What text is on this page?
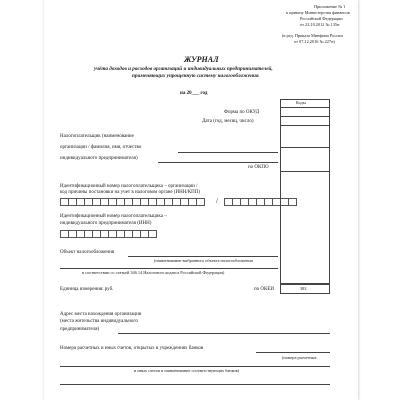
Приложение № 1
к приказу Министерства финансов
Российской Федерации
от 22.10.2012 № 135н
(в ред. Приказа Минфина России
от 07.12.2016 № 227н)
ЖУРНАЛ
учёта доходов и расходов организаций и индивидуальных предпринимателей,
применяющих упрощенную систему налогообложения
на 20___ год
Коды
Форма по ОКУД
Дата (год, месяц, число)
Налогоплательщик (наименование
организации / фамилия, имя, отчество
индивидуального предпринимателя)
по ОКПО
Идентификационный номер налогоплательщика – организации /
код причины постановки на учет в налоговом органе (ИНН/КПП)
/
Идентификационный номер налогоплательщика –
индивидуального предпринимателя (ИНН)
Объект налогообложения
(наименование выбранного объекта налогообложения
в соответствии со статьей 346.14 Налогового кодекса Российской Федерации)
Единица измерения: руб.	по ОКЕИ	383
Адрес места нахождения организации
(места жительства индивидуального
предпринимателя)
Номера расчетных и иных счетов, открытых в учреждениях банков
(номера расчетных
и иных счетов и наименование соответствующих банков)
